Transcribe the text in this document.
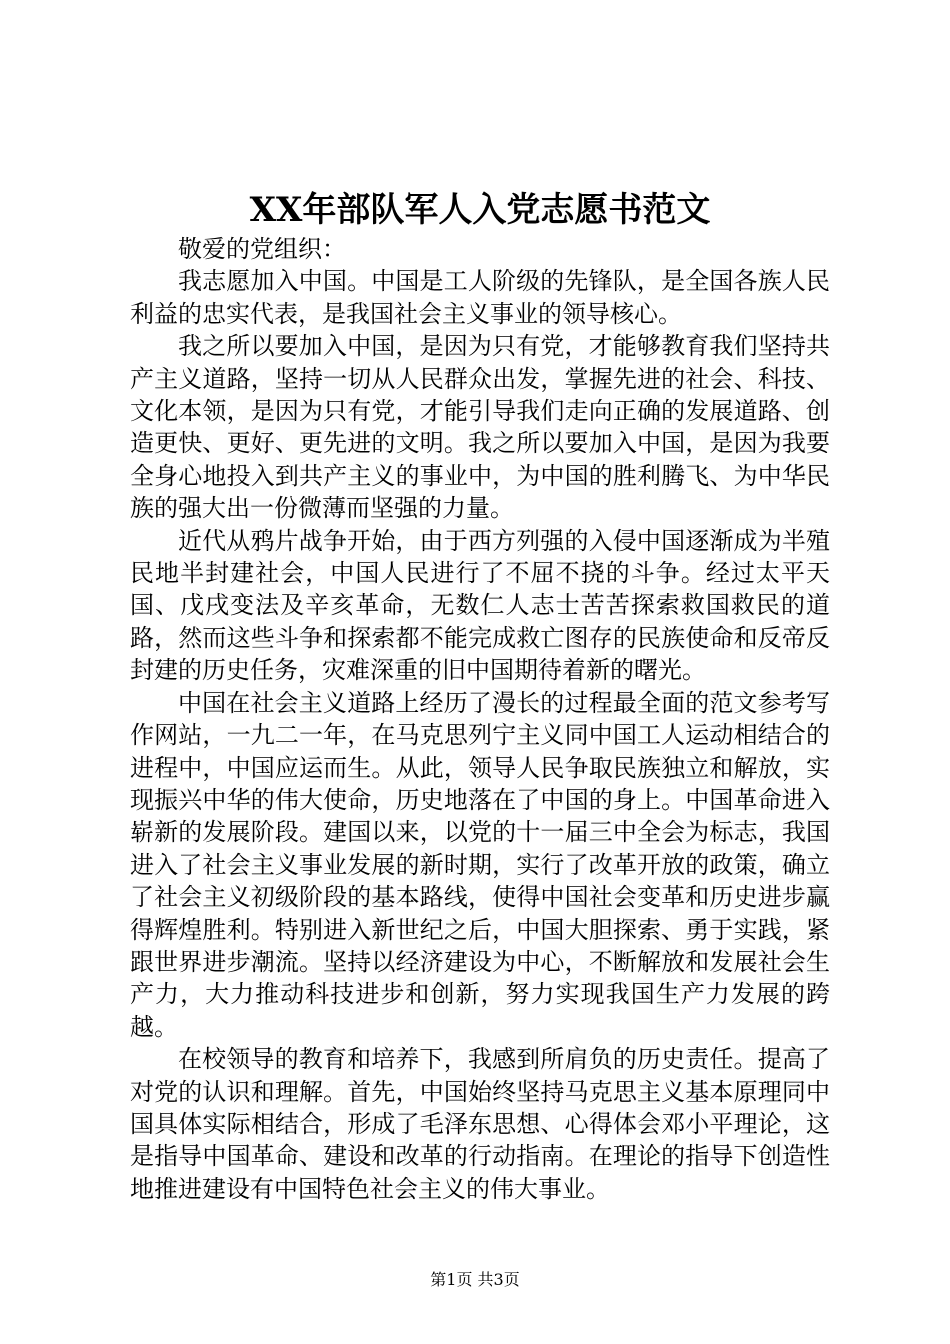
XX年部队军人入党志愿书范文

敬爱的党组织：

我志愿加入中国。中国是工人阶级的先锋队，是全国各族人民利益的忠实代表，是我国社会主义事业的领导核心。

我之所以要加入中国，是因为只有党，才能够教育我们坚持共产主义道路，坚持一切从人民群众出发，掌握先进的社会、科技、文化本领，是因为只有党，才能引导我们走向正确的发展道路、创造更快、更好、更先进的文明。我之所以要加入中国，是因为我要全身心地投入到共产主义的事业中，为中国的胜利腾飞、为中华民族的强大出一份微薄而坚强的力量。

近代从鸦片战争开始，由于西方列强的入侵中国逐渐成为半殖民地半封建社会，中国人民进行了不屈不挠的斗争。经过太平天国、戊戌变法及辛亥革命，无数仁人志士苦苦探索救国救民的道路，然而这些斗争和探索都不能完成救亡图存的民族使命和反帝反封建的历史任务，灾难深重的旧中国期待着新的曙光。

中国在社会主义道路上经历了漫长的过程最全面的范文参考写作网站，一九二一年，在马克思列宁主义同中国工人运动相结合的进程中，中国应运而生。从此，领导人民争取民族独立和解放，实现振兴中华的伟大使命，历史地落在了中国的身上。中国革命进入崭新的发展阶段。建国以来，以党的十一届三中全会为标志，我国进入了社会主义事业发展的新时期，实行了改革开放的政策，确立了社会主义初级阶段的基本路线，使得中国社会变革和历史进步赢得辉煌胜利。特别进入新世纪之后，中国大胆探索、勇于实践，紧跟世界进步潮流。坚持以经济建设为中心，不断解放和发展社会生产力，大力推动科技进步和创新，努力实现我国生产力发展的跨越。

在校领导的教育和培养下，我感到所肩负的历史责任。提高了对党的认识和理解。首先，中国始终坚持马克思主义基本原理同中国具体实际相结合，形成了毛泽东思想、心得体会邓小平理论，这是指导中国革命、建设和改革的行动指南。在理论的指导下创造性地推进建设有中国特色社会主义的伟大事业。

第1页 共3页
